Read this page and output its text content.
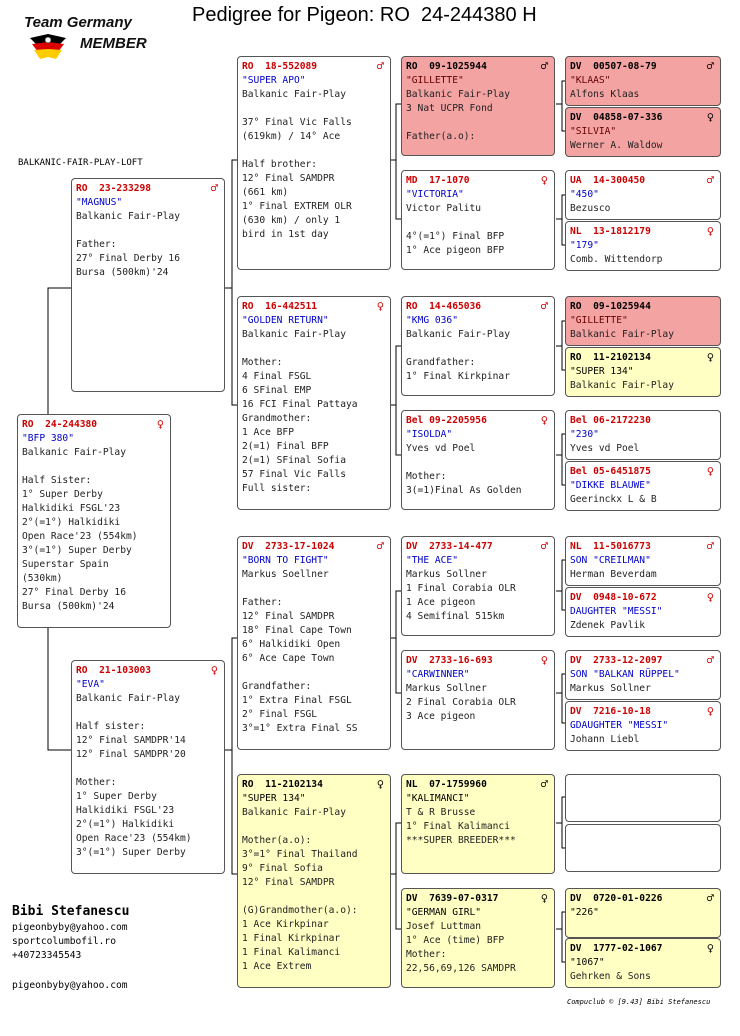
Pedigree for Pigeon: RO  24-244380 H
Team Germany
MEMBER
BALKANIC-FAIR-PLAY-LOFT
RO  24-244380	♀
"BFP 380"
Balkanic Fair-Play

Half Sister:
1° Super Derby
Halkidiki FSGL'23
2°(=1°) Halkidiki
Open Race'23 (554km)
3°(=1°) Super Derby
Superstar Spain
(530km)
27° Final Derby 16
Bursa (500km)'24
RO  23-233298	♂
"MAGNUS"
Balkanic Fair-Play

Father:
27° Final Derby 16
Bursa (500km)'24
RO  21-103003	♀
"EVA"
Balkanic Fair-Play

Half sister:
12° Final SAMDPR'14
12° Final SAMDPR'20

Mother:
1° Super Derby
Halkidiki FSGL'23
2°(=1°) Halkidiki
Open Race'23 (554km)
3°(=1°) Super Derby
RO  18-552089	♂
"SUPER APO"
Balkanic Fair-Play

37° Final Vic Falls
(619km) / 14° Ace

Half brother:
12° Final SAMDPR
(661 km)
1° Final EXTREM OLR
(630 km) / only 1
bird in 1st day
RO  16-442511	♀
"GOLDEN RETURN"
Balkanic Fair-Play

Mother:
4 Final FSGL
6 SFinal EMP
16 FCI Final Pattaya
Grandmother:
1 Ace BFP
2(=1) Final BFP
2(=1) SFinal Sofia
57 Final Vic Falls
Full sister:
DV  2733-17-1024	♂
"BORN TO FIGHT"
Markus Soellner

Father:
12° Final SAMDPR
18° Final Cape Town
6° Halkidiki Open
6° Ace Cape Town

Grandfather:
1° Extra Final FSGL
2° Final FSGL
3°=1° Extra Final SS
RO  11-2102134	♀
"SUPER 134"
Balkanic Fair-Play

Mother(a.o):
3°=1° Final Thailand
9° Final Sofia
12° Final SAMDPR

(G)Grandmother(a.o):
1 Ace Kirkpinar
1 Final Kirkpinar
1 Final Kalimanci
1 Ace Extrem
RO  09-1025944	♂
"GILLETTE"
Balkanic Fair-Play
3 Nat UCPR Fond

Father(a.o):
MD  17-1070	♀
"VICTORIA"
Victor Palitu

4°(=1°) Final BFP
1° Ace pigeon BFP
RO  14-465036	♂
"KMG 036"
Balkanic Fair-Play

Grandfather:
1° Final Kirkpinar
Bel 09-2205956	♀
"ISOLDA"
Yves vd Poel

Mother:
3(=1)Final As Golden
DV  2733-14-477	♂
"THE ACE"
Markus Sollner
1 Final Corabia OLR
1 Ace pigeon
4 Semifinal 515km
DV  2733-16-693	♀
"CARWINNER"
Markus Sollner
2 Final Corabia OLR
3 Ace pigeon
NL  07-1759960	♂
"KALIMANCI"
T & R Brusse
1° Final Kalimanci
***SUPER BREEDER***
DV  7639-07-0317	♀
"GERMAN GIRL"
Josef Luttman
1° Ace (time) BFP
Mother:
22,56,69,126 SAMDPR
DV  00507-08-79	♂
"KLAAS"
Alfons Klaas
DV  04858-07-336	♀
"SILVIA"
Werner A. Waldow
UA  14-300450	♂
"450"
Bezusco
NL  13-1812179	♀
"179"
Comb. Wittendorp
RO  09-1025944

"GILLETTE"
Balkanic Fair-Play
RO  11-2102134	♀
"SUPER 134"
Balkanic Fair-Play
Bel 06-2172230

"230"
Yves vd Poel
Bel 05-6451875	♀
"DIKKE BLAUWE"
Geerinckx L & B
NL  11-5016773	♂
SON "CREILMAN"
Herman Beverdam
DV  0948-10-672	♀
DAUGHTER "MESSI"
Zdenek Pavlik
DV  2733-12-2097	♂
SON "BALKAN RÜPPEL"
Markus Sollner
DV  7216-10-18	♀
GDAUGHTER "MESSI"
Johann Liebl
DV  0720-01-0226	♂
"226"
DV  1777-02-1067	♀
"1067"
Gehrken & Sons
Bibi Stefanescu
pigeonbyby@yahoo.com
sportcolumbofil.ro
+40723345543
pigeonbyby@yahoo.com
Compuclub © [9.43] Bibi Stefanescu
